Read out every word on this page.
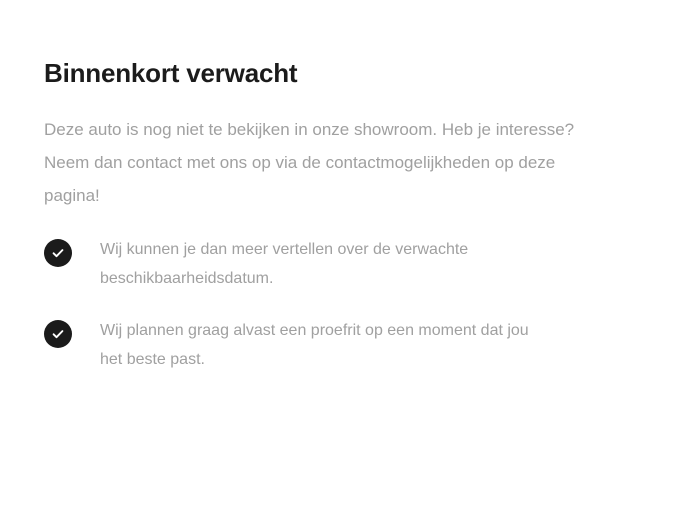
Binnenkort verwacht

Deze auto is nog niet te bekijken in onze showroom. Heb je interesse? Neem dan contact met ons op via de contactmogelijkheden op deze pagina!

Wij kunnen je dan meer vertellen over de verwachte beschikbaarheidsdatum.
Wij plannen graag alvast een proefrit op een moment dat jou het beste past.
